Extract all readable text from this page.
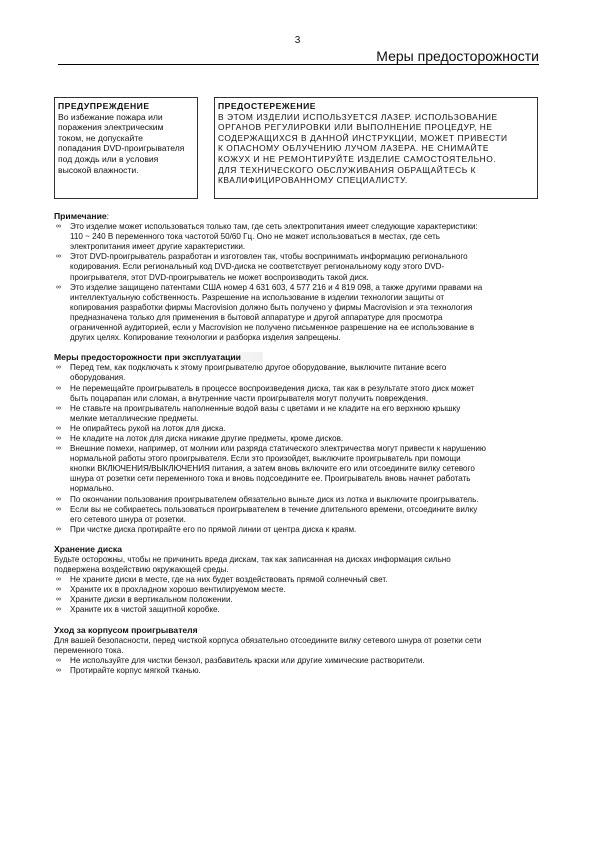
3
Меры предосторожности
ПРЕДУПРЕЖДЕНИЕ
Во избежание пожара или
поражения электрическим
током, не допускайте
попадания DVD-проигрывателя
под дождь или в условия
высокой влажности.
ПРЕДОСТЕРЕЖЕНИЕ
В ЭТОМ ИЗДЕЛИИ ИСПОЛЬЗУЕТСЯ ЛАЗЕР. ИСПОЛЬЗОВАНИЕ
ОРГАНОВ РЕГУЛИРОВКИ ИЛИ ВЫПОЛНЕНИЕ ПРОЦЕДУР, НЕ
СОДЕРЖАЩИХСЯ В ДАННОЙ ИНСТРУКЦИИ, МОЖЕТ ПРИВЕСТИ
К ОПАСНОМУ ОБЛУЧЕНИЮ ЛУЧОМ ЛАЗЕРА. НЕ СНИМАЙТЕ
КОЖУХ И НЕ РЕМОНТИРУЙТЕ ИЗДЕЛИЕ САМОСТОЯТЕЛЬНО.
ДЛЯ ТЕХНИЧЕСКОГО ОБСЛУЖИВАНИЯ ОБРАЩАЙТЕСЬ К
КВАЛИФИЦИРОВАННОМУ СПЕЦИАЛИСТУ.
Примечание:
∞ Это изделие может использоваться только там, где сеть электропитания имеет следующие характеристики:
110 ~ 240 В переменного тока частотой 50/60 Гц. Оно не может использоваться в местах, где сеть
электропитания имеет другие характеристики.
∞ Этот DVD-проигрыватель разработан и изготовлен так, чтобы воспринимать информацию регионального
кодирования. Если региональный код DVD-диска не соответствует региональному коду этого DVD-
проигрывателя, этот DVD-проигрыватель не может воспроизводить такой диск.
∞ Это изделие защищено патентами США номер 4 631 603, 4 577 216 и 4 819 098, а также другими правами на
интеллектуальную собственность. Разрешение на использование в изделии технологии защиты от
копирования разработки фирмы Macrovision должно быть получено у фирмы Macrovision и эта технология
предназначена только для применения в бытовой аппаратуре и другой аппаратуре для просмотра
ограниченной аудиторией, если у Macrovision не получено письменное разрешение на ее использование в
других целях. Копирование технологии и разборка изделия запрещены.
Меры предосторожности при эксплуатации
∞ Перед тем, как подключать к этому проигрывателю другое оборудование, выключите питание всего
оборудования.
∞ Не перемещайте проигрыватель в процессе воспроизведения диска, так как в результате этого диск может
быть поцарапан или сломан, а внутренние части проигрывателя могут получить повреждения.
∞ Не ставьте на проигрыватель наполненные водой вазы с цветами и не кладите на его верхнюю крышку
мелкие металлические предметы.
∞ Не опирайтесь рукой на лоток для диска.
∞ Не кладите на лоток для диска никакие другие предметы, кроме дисков.
∞ Внешние помехи, например, от молнии или разряда статического электричества могут привести к нарушению
нормальной работы этого проигрывателя. Если это произойдет, выключите проигрыватель при помощи
кнопки ВКЛЮЧЕНИЯ/ВЫКЛЮЧЕНИЯ питания, а затем вновь включите его или отсоедините вилку сетевого
шнура от розетки сети переменного тока и вновь подсоедините ее. Проигрыватель вновь начнет работать
нормально.
∞ По окончании пользования проигрывателем обязательно выньте диск из лотка и выключите проигрыватель.
∞ Если вы не собираетесь пользоваться проигрывателем в течение длительного времени, отсоедините вилку
его сетевого шнура от розетки.
∞ При чистке диска протирайте его по прямой линии от центра диска к краям.
Хранение диска

Будьте осторожны, чтобы не причинить вреда дискам, так как записанная на дисках информация сильно
подвержена воздействию окружающей среды.

∞ Не храните диски в месте, где на них будет воздействовать прямой солнечный свет.
∞ Храните их в прохладном хорошо вентилируемом месте.
∞ Храните диски в вертикальном положении.
∞ Храните их в чистой защитной коробке.
Уход за корпусом проигрывателя

Для вашей безопасности, перед чисткой корпуса обязательно отсоедините вилку сетевого шнура от розетки сети
переменного тока.

∞ Не используйте для чистки бензол, разбавитель краски или другие химические растворители.
∞ Протирайте корпус мягкой тканью.
